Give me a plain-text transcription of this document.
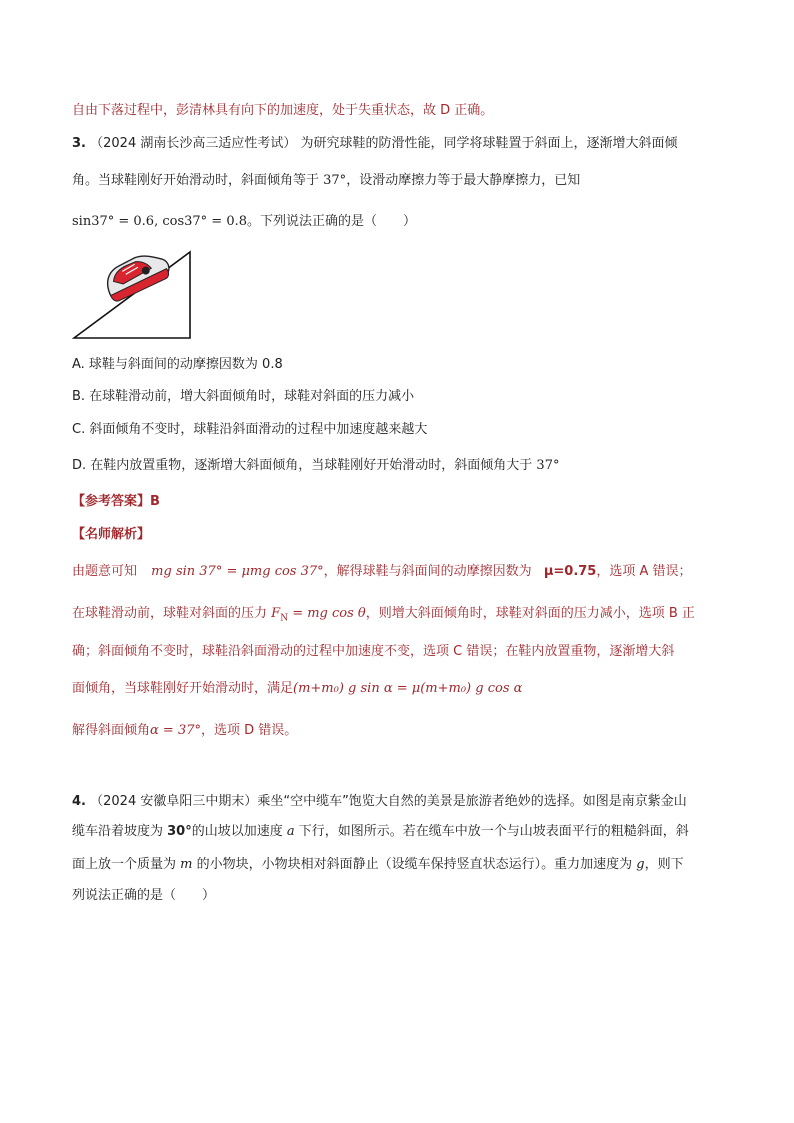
自由下落过程中，彭清林具有向下的加速度，处于失重状态，故 D 正确。
3. （2024 湖南长沙高三适应性考试） 为研究球鞋的防滑性能，同学将球鞋置于斜面上，逐渐增大斜面倾
角。当球鞋刚好开始滑动时，斜面倾角等于 37°，设滑动摩擦力等于最大静摩擦力，已知
sin37° = 0.6, cos37° = 0.8。下列说法正确的是（　　）
A. 球鞋与斜面间的动摩擦因数为 0.8
B. 在球鞋滑动前，增大斜面倾角时，球鞋对斜面的压力减小
C. 斜面倾角不变时，球鞋沿斜面滑动的过程中加速度越来越大
D. 在鞋内放置重物，逐渐增大斜面倾角，当球鞋刚好开始滑动时，斜面倾角大于 37°
【参考答案】B
【名师解析】
由题意可知 mg sin 37° = μmg cos 37°，解得球鞋与斜面间的动摩擦因数为 μ=0.75，选项 A 错误；
在球鞋滑动前，球鞋对斜面的压力 $F_N$ = mg cos θ，则增大斜面倾角时，球鞋对斜面的压力减小，选项 B 正
确；斜面倾角不变时，球鞋沿斜面滑动的过程中加速度不变，选项 C 错误；在鞋内放置重物，逐渐增大斜
面倾角，当球鞋刚好开始滑动时，满足(m+m₀) g sin α = μ(m+m₀) g cos α
解得斜面倾角α = 37°，选项 D 错误。
4. （2024 安徽阜阳三中期末）乘坐“空中缆车”饱览大自然的美景是旅游者绝妙的选择。如图是南京紫金山
缆车沿着坡度为 30°的山坡以加速度 a 下行，如图所示。若在缆车中放一个与山坡表面平行的粗糙斜面，斜
面上放一个质量为 m 的小物块，小物块相对斜面静止（设缆车保持竖直状态运行）。重力加速度为 g，则下
列说法正确的是（　　）
